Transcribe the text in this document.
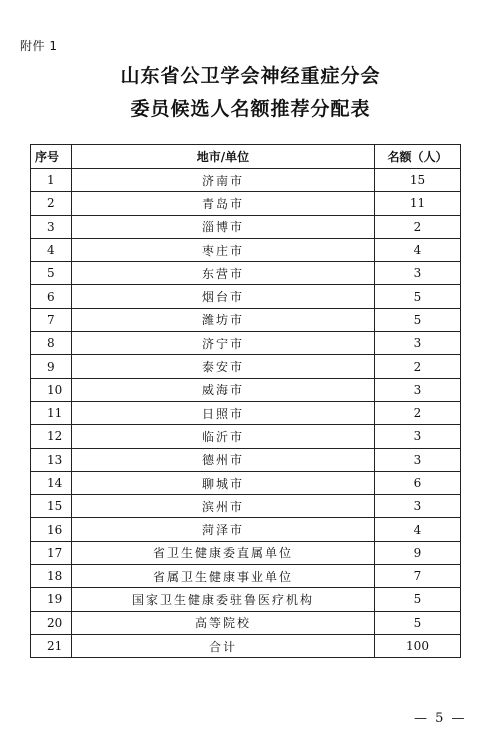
附件 1
山东省公卫学会神经重症分会
委员候选人名额推荐分配表
序号	地市/单位	名额（人）
1	济南市	15
2	青岛市	11
3	淄博市	2
4	枣庄市	4
5	东营市	3
6	烟台市	5
7	潍坊市	5
8	济宁市	3
9	泰安市	2
10	威海市	3
11	日照市	2
12	临沂市	3
13	德州市	3
14	聊城市	6
15	滨州市	3
16	菏泽市	4
17	省卫生健康委直属单位	9
18	省属卫生健康事业单位	7
19	国家卫生健康委驻鲁医疗机构	5
20	高等院校	5
21	合计	100
— 5 —
